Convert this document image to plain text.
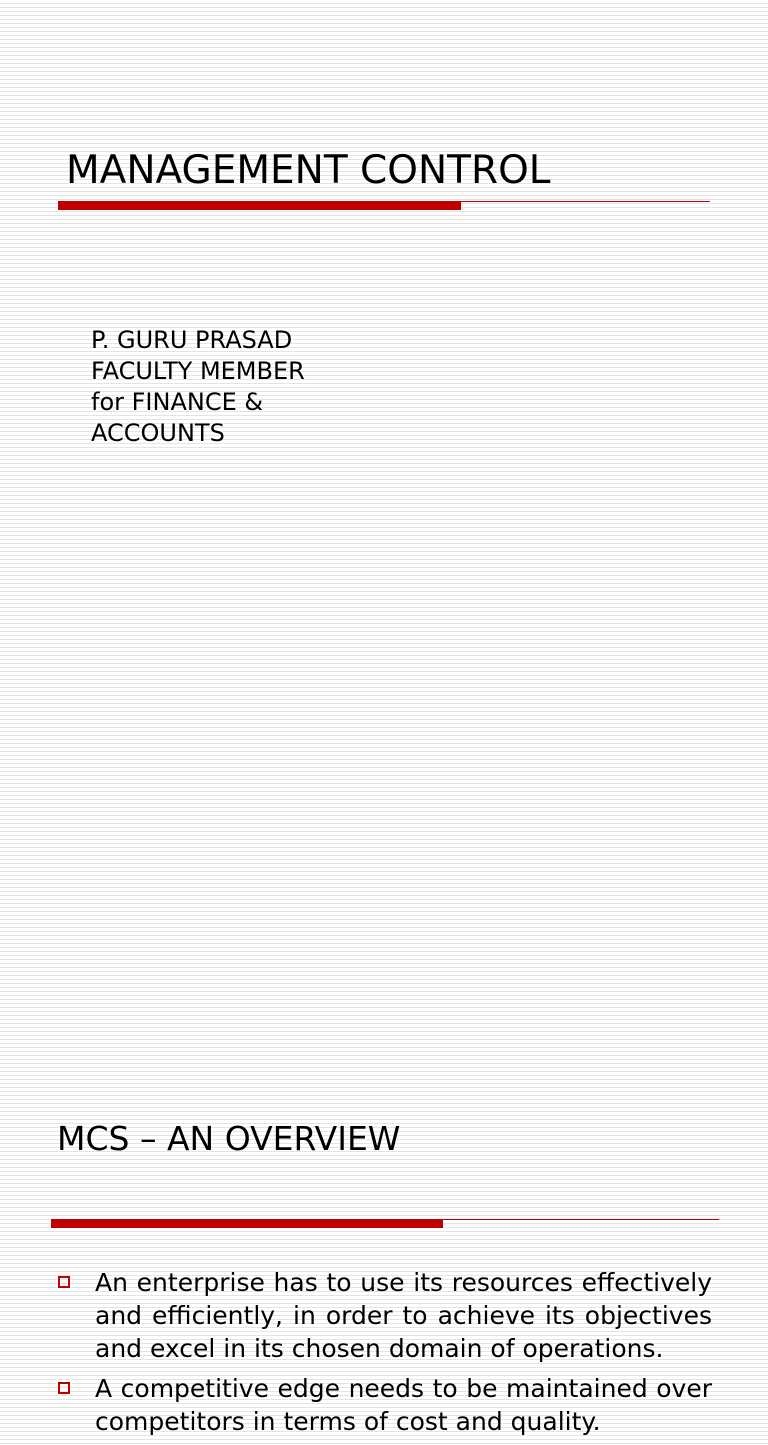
MANAGEMENT CONTROL
P. GURU PRASAD
FACULTY MEMBER
for FINANCE &
ACCOUNTS
MCS – AN OVERVIEW
An enterprise has to use its resources effectively and efficiently, in order to achieve its objectives and excel in its chosen domain of operations.
A competitive edge needs to be maintained over competitors in terms of cost and quality.
